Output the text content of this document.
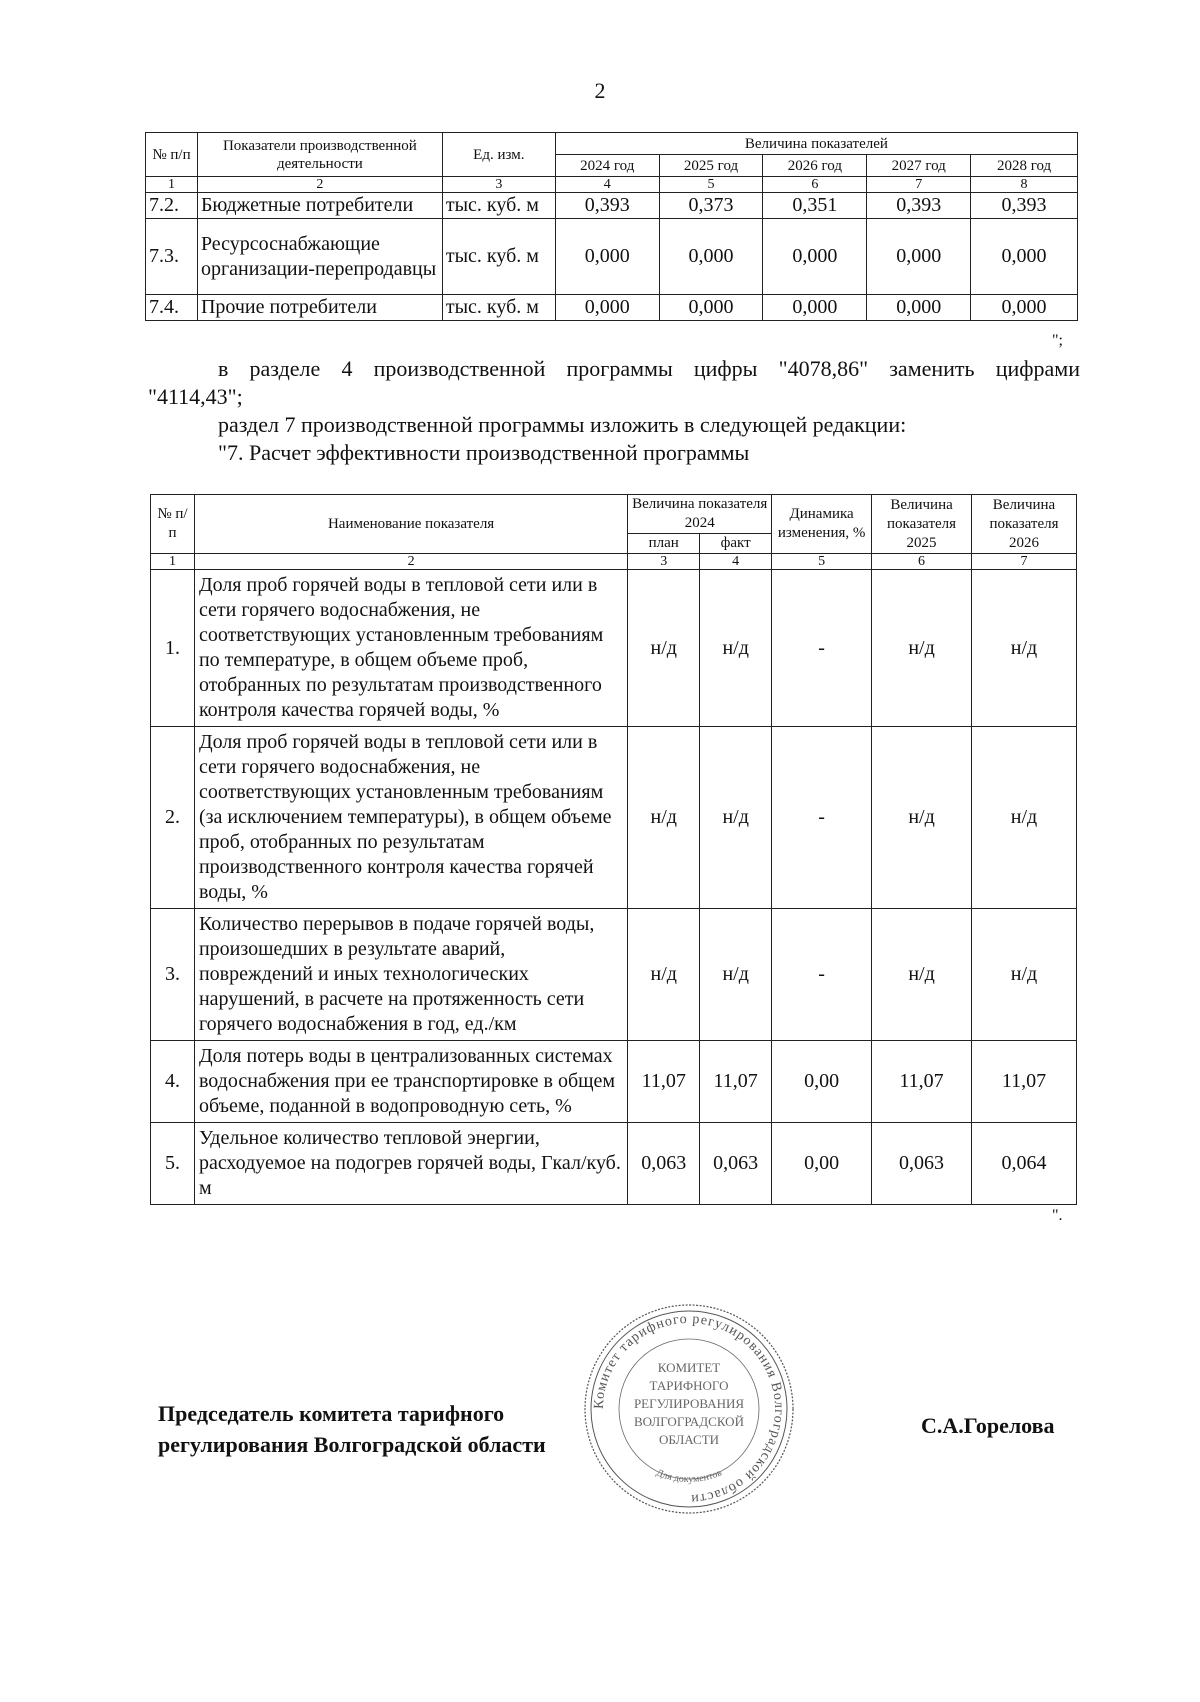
2
№ п/п	Показатели производственной деятельности	Ед. изм.	Величина показателей				
			2024 год	2025 год	2026 год	2027 год	2028 год
1	2	3	4	5	6	7	8
7.2.	Бюджетные потребители	тыс. куб. м	0,393	0,373	0,351	0,393	0,393
7.3.	Ресурсоснабжающие организации-перепродавцы	тыс. куб. м	0,000	0,000	0,000	0,000	0,000
7.4.	Прочие потребители	тыс. куб. м	0,000	0,000	0,000	0,000	0,000
";
в разделе 4 производственной программы цифры "4078,86" заменить цифрами
"4114,43";
раздел 7 производственной программы изложить в следующей редакции:
"7. Расчет эффективности производственной программы
№ п/п	Наименование показателя	Величина показателя 2024		Динамика изменения, %	Величина показателя 2025	Величина показателя 2026
		план	факт			
1	2	3	4	5	6	7
1.	Доля проб горячей воды в тепловой сети или в сети горячего водоснабжения, не соответствующих установленным требованиям по температуре, в общем объеме проб, отобранных по результатам производственного контроля качества горячей воды, %	н/д	н/д	-	н/д	н/д
2.	Доля проб горячей воды в тепловой сети или в сети горячего водоснабжения, не соответствующих установленным требованиям (за исключением температуры), в общем объеме проб, отобранных по результатам производственного контроля качества горячей воды, %	н/д	н/д	-	н/д	н/д
3.	Количество перерывов в подаче горячей воды, произошедших в результате аварий, повреждений и иных технологических нарушений, в расчете на протяженность сети горячего водоснабжения в год, ед./км	н/д	н/д	-	н/д	н/д
4.	Доля потерь воды в централизованных системах водоснабжения при ее транспортировке в общем объеме, поданной в водопроводную сеть, %	11,07	11,07	0,00	11,07	11,07
5.	Удельное количество тепловой энергии, расходуемое на подогрев горячей воды, Гкал/куб. м	0,063	0,063	0,00	0,063	0,064
".
Председатель комитета тарифного
регулирования Волгоградской области
С.А.Горелова
Комитет тарифного регулирования Волгоградской области
КОМИТЕТ
ТАРИФНОГО
РЕГУЛИРОВАНИЯ
ВОЛГОГРАДСКОЙ
ОБЛАСТИ
Для документов
